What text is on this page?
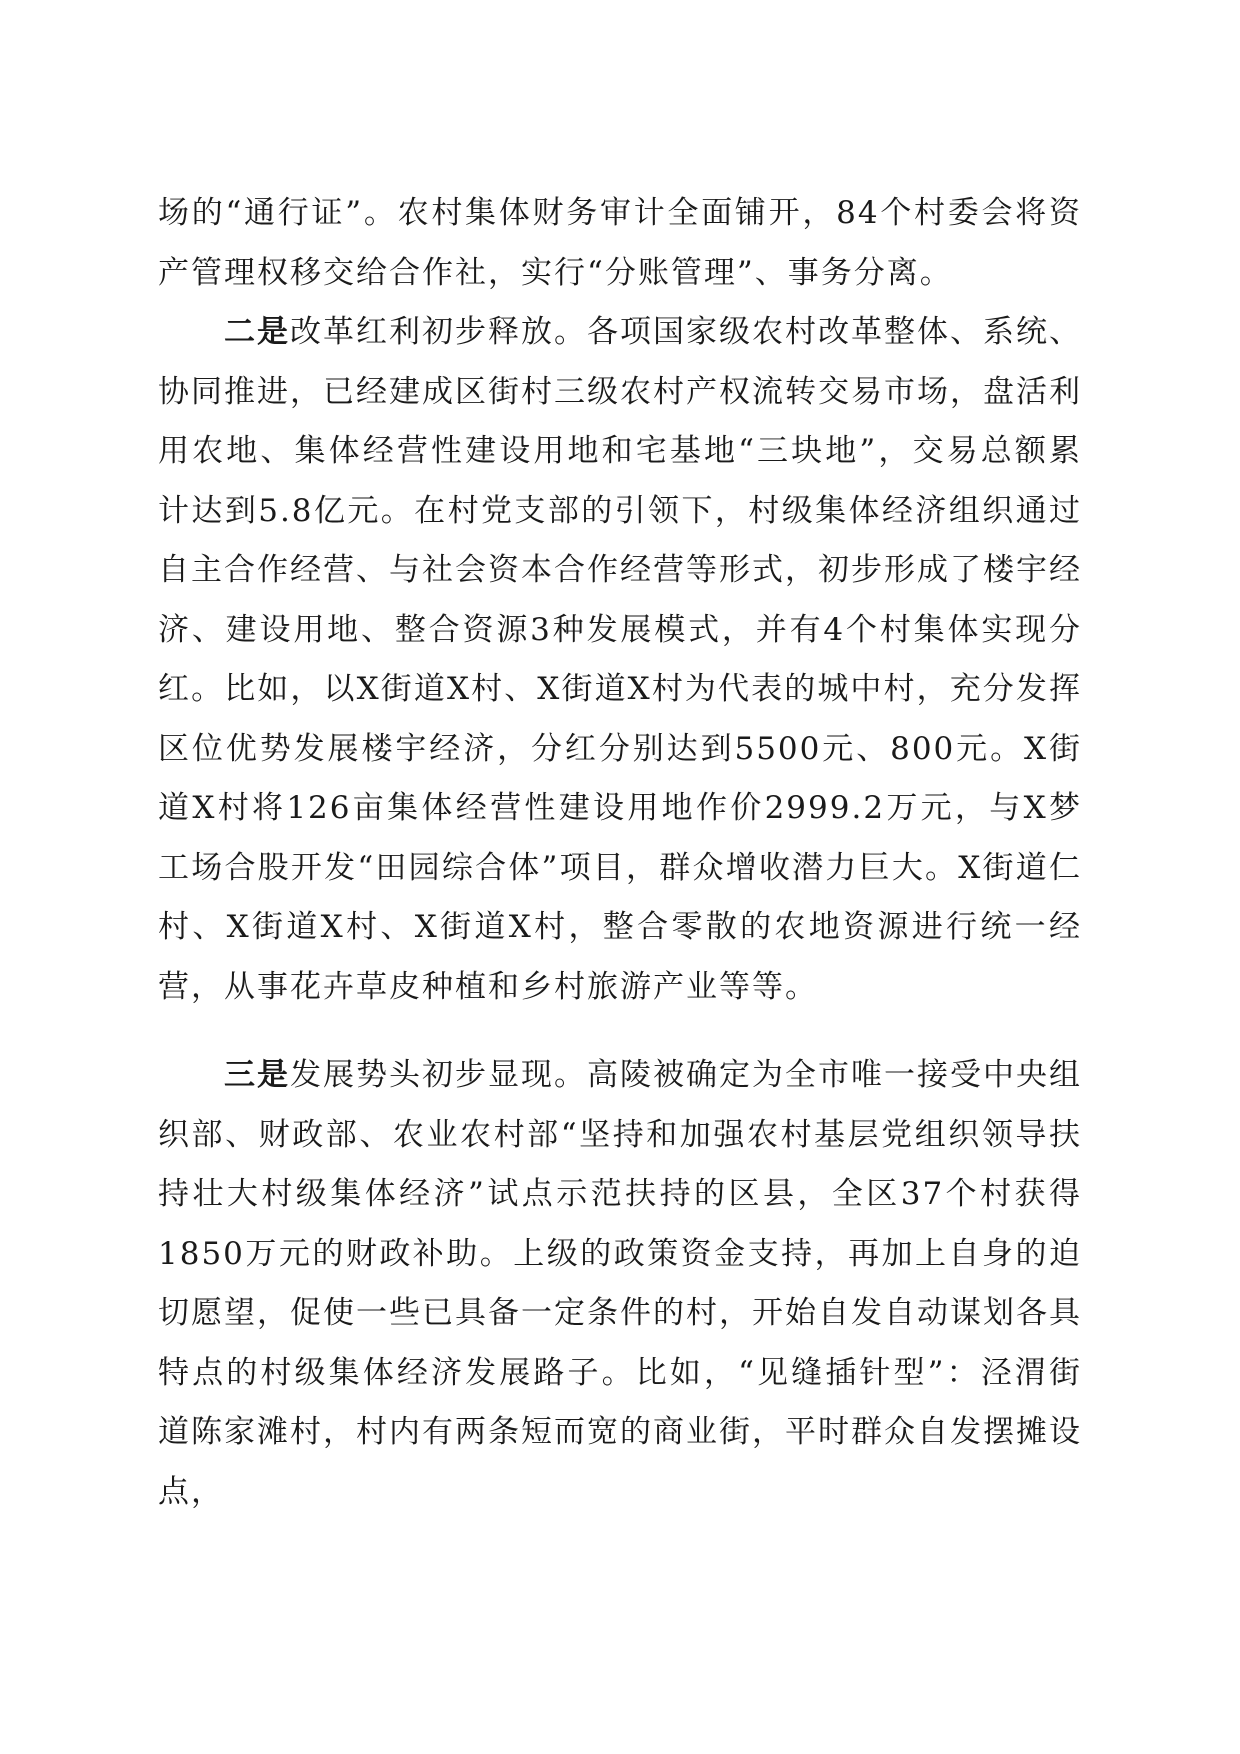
场的“通行证”。农村集体财务审计全面铺开，84个村委会将资产管理权移交给合作社，实行“分账管理”、事务分离。

二是改革红利初步释放。各项国家级农村改革整体、系统、协同推进，已经建成区街村三级农村产权流转交易市场，盘活利用农地、集体经营性建设用地和宅基地“三块地”，交易总额累计达到5.8亿元。在村党支部的引领下，村级集体经济组织通过自主合作经营、与社会资本合作经营等形式，初步形成了楼宇经济、建设用地、整合资源3种发展模式，并有4个村集体实现分红。比如，以X街道X村、X街道X村为代表的城中村，充分发挥区位优势发展楼宇经济，分红分别达到5500元、800元。X街道X村将126亩集体经营性建设用地作价2999.2万元，与X梦工场合股开发“田园综合体”项目，群众增收潜力巨大。X街道仁村、X街道X村、X街道X村，整合零散的农地资源进行统一经营，从事花卉草皮种植和乡村旅游产业等等。

三是发展势头初步显现。高陵被确定为全市唯一接受中央组织部、财政部、农业农村部“坚持和加强农村基层党组织领导扶持壮大村级集体经济”试点示范扶持的区县，全区37个村获得1850万元的财政补助。上级的政策资金支持，再加上自身的迫切愿望，促使一些已具备一定条件的村，开始自发自动谋划各具特点的村级集体经济发展路子。比如，“见缝插针型”：泾渭街道陈家滩村，村内有两条短而宽的商业街，平时群众自发摆摊设点，
